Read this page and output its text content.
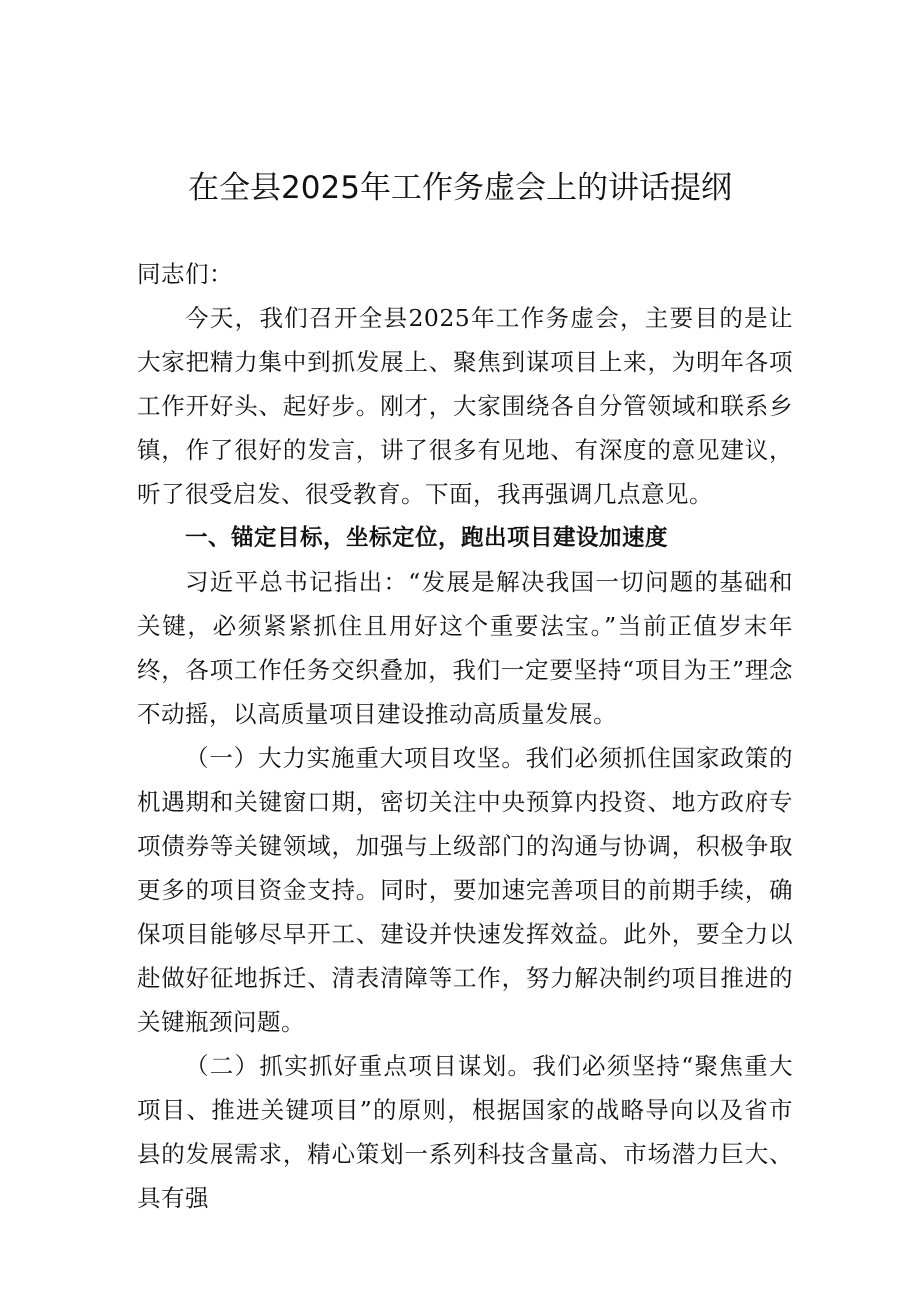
在全县2025年工作务虚会上的讲话提纲

同志们：

今天，我们召开全县2025年工作务虚会，主要目的是让大家把精力集中到抓发展上、聚焦到谋项目上来，为明年各项工作开好头、起好步。刚才，大家围绕各自分管领域和联系乡镇，作了很好的发言，讲了很多有见地、有深度的意见建议，听了很受启发、很受教育。下面，我再强调几点意见。

一、锚定目标，坐标定位，跑出项目建设加速度

习近平总书记指出：“发展是解决我国一切问题的基础和关键，必须紧紧抓住且用好这个重要法宝。”当前正值岁末年终，各项工作任务交织叠加，我们一定要坚持“项目为王”理念不动摇，以高质量项目建设推动高质量发展。

（一）大力实施重大项目攻坚。我们必须抓住国家政策的机遇期和关键窗口期，密切关注中央预算内投资、地方政府专项债券等关键领域，加强与上级部门的沟通与协调，积极争取更多的项目资金支持。同时，要加速完善项目的前期手续，确保项目能够尽早开工、建设并快速发挥效益。此外，要全力以赴做好征地拆迁、清表清障等工作，努力解决制约项目推进的关键瓶颈问题。

（二）抓实抓好重点项目谋划。我们必须坚持“聚焦重大项目、推进关键项目”的原则，根据国家的战略导向以及省市县的发展需求，精心策划一系列科技含量高、市场潜力巨大、具有强
